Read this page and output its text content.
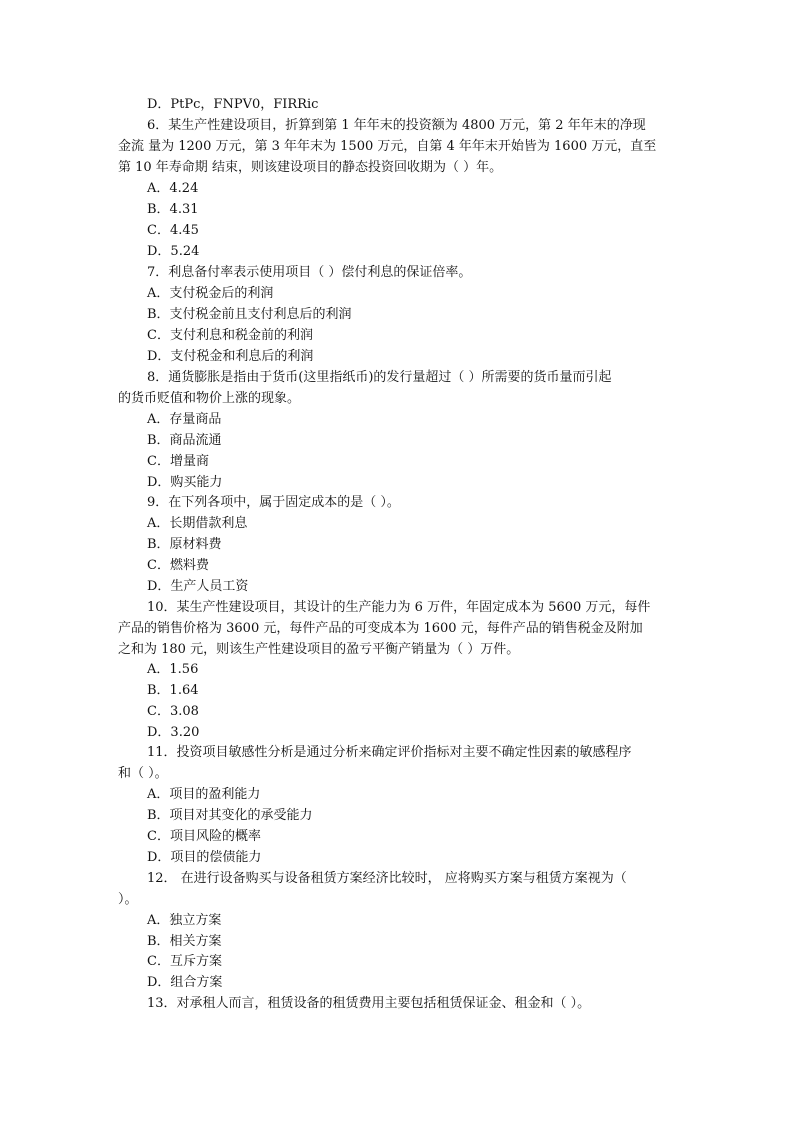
D．PtPc，FNPV0，FIRRic
6．某生产性建设项目，折算到第 1 年年末的投资额为 4800 万元，第 2 年年末的净现
金流 量为 1200 万元，第 3 年年末为 1500 万元，自第 4 年年末开始皆为 1600 万元，直至
第 10 年寿命期 结束，则该建设项目的静态投资回收期为（ ）年。
A．4.24
B．4.31
C．4.45
D．5.24
7．利息备付率表示使用项目（ ）偿付利息的保证倍率。
A．支付税金后的利润
B．支付税金前且支付利息后的利润
C．支付利息和税金前的利润
D．支付税金和利息后的利润
8．通货膨胀是指由于货币(这里指纸币)的发行量超过（ ）所需要的货币量而引起
的货币贬值和物价上涨的现象。
A．存量商品
B．商品流通
C．增量商
D．购买能力
9．在下列各项中，属于固定成本的是（ ）。
A．长期借款利息
B．原材料费
C．燃料费
D．生产人员工资
10．某生产性建设项目，其设计的生产能力为 6 万件，年固定成本为 5600 万元，每件
产品的销售价格为 3600 元，每件产品的可变成本为 1600 元，每件产品的销售税金及附加
之和为 180 元，则该生产性建设项目的盈亏平衡产销量为（ ）万件。
A．1.56
B．1.64
C．3.08
D．3.20
11．投资项目敏感性分析是通过分析来确定评价指标对主要不确定性因素的敏感程序
和（ ）。
A．项目的盈利能力
B．项目对其变化的承受能力
C．项目风险的概率
D．项目的偿债能力
12． 在进行设备购买与设备租赁方案经济比较时， 应将购买方案与租赁方案视为（
）。
A．独立方案
B．相关方案
C．互斥方案
D．组合方案
13．对承租人而言，租赁设备的租赁费用主要包括租赁保证金、租金和（ ）。
